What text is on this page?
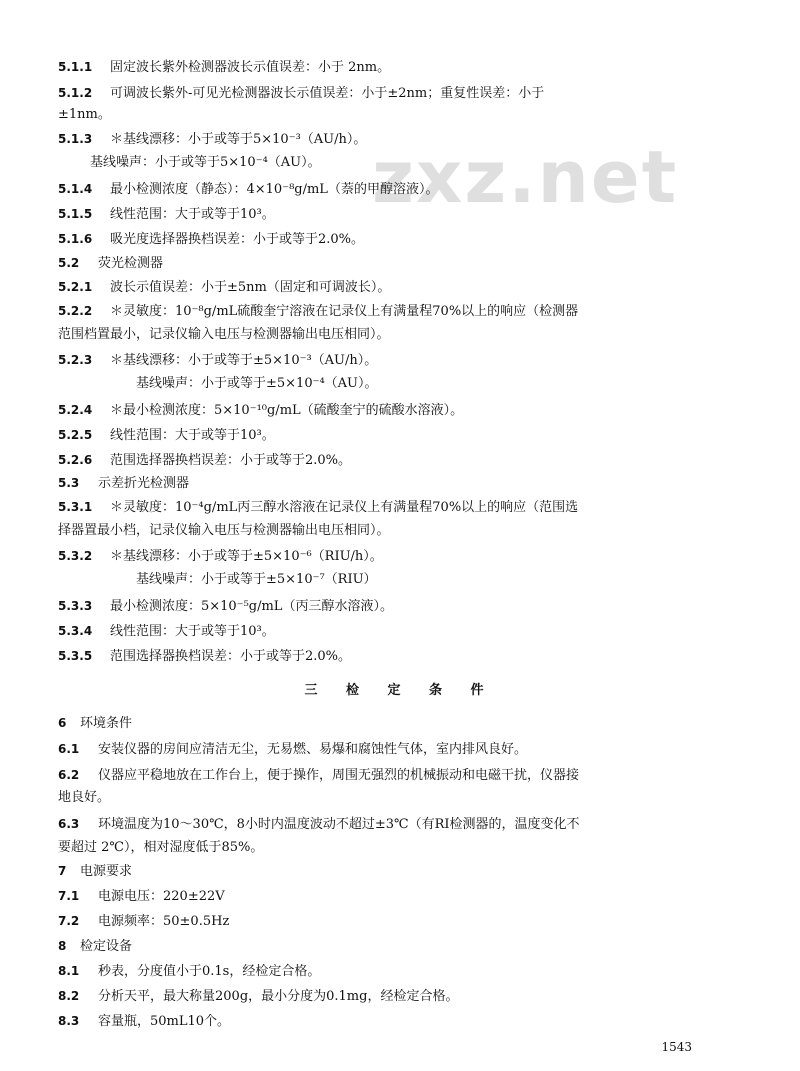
zxz.net
5.1.1 固定波长紫外检测器波长示值误差：小于 2nm。
5.1.2 可调波长紫外-可见光检测器波长示值误差：小于±2nm；重复性误差：小于
±1nm。
5.1.3 ＊基线漂移：小于或等于5×10⁻³（AU/h）。
基线噪声：小于或等于5×10⁻⁴（AU）。
5.1.4 最小检测浓度（静态）：4×10⁻⁸g/mL（萘的甲醇溶液）。
5.1.5 线性范围：大于或等于10³。
5.1.6 吸光度选择器换档误差：小于或等于2.0%。
5.2 荧光检测器
5.2.1 波长示值误差：小于±5nm（固定和可调波长）。
5.2.2 ＊灵敏度：10⁻⁸g/mL硫酸奎宁溶液在记录仪上有满量程70%以上的响应（检测器
范围档置最小，记录仪输入电压与检测器输出电压相同）。
5.2.3 ＊基线漂移：小于或等于±5×10⁻³（AU/h）。
基线噪声：小于或等于±5×10⁻⁴（AU）。
5.2.4 ＊最小检测浓度：5×10⁻¹⁰g/mL（硫酸奎宁的硫酸水溶液）。
5.2.5 线性范围：大于或等于10³。
5.2.6 范围选择器换档误差：小于或等于2.0%。
5.3 示差折光检测器
5.3.1 ＊灵敏度：10⁻⁴g/mL丙三醇水溶液在记录仪上有满量程70%以上的响应（范围选
择器置最小档，记录仪输入电压与检测器输出电压相同）。
5.3.2 ＊基线漂移：小于或等于±5×10⁻⁶（RIU/h）。
基线噪声：小于或等于±5×10⁻⁷（RIU）
5.3.3 最小检测浓度：5×10⁻⁵g/mL（丙三醇水溶液）。
5.3.4 线性范围：大于或等于10³。
5.3.5 范围选择器换档误差：小于或等于2.0%。
三 检 定 条 件
6 环境条件
6.1 安装仪器的房间应清洁无尘，无易燃、易爆和腐蚀性气体，室内排风良好。
6.2 仪器应平稳地放在工作台上，便于操作，周围无强烈的机械振动和电磁干扰，仪器接
地良好。
6.3 环境温度为10～30℃，8小时内温度波动不超过±3℃（有RI检测器的，温度变化不
要超过 2℃），相对湿度低于85%。
7 电源要求
7.1 电源电压：220±22V
7.2 电源频率：50±0.5Hz
8 检定设备
8.1 秒表，分度值小于0.1s，经检定合格。
8.2 分析天平，最大称量200g，最小分度为0.1mg，经检定合格。
8.3 容量瓶，50mL10个。
1543
